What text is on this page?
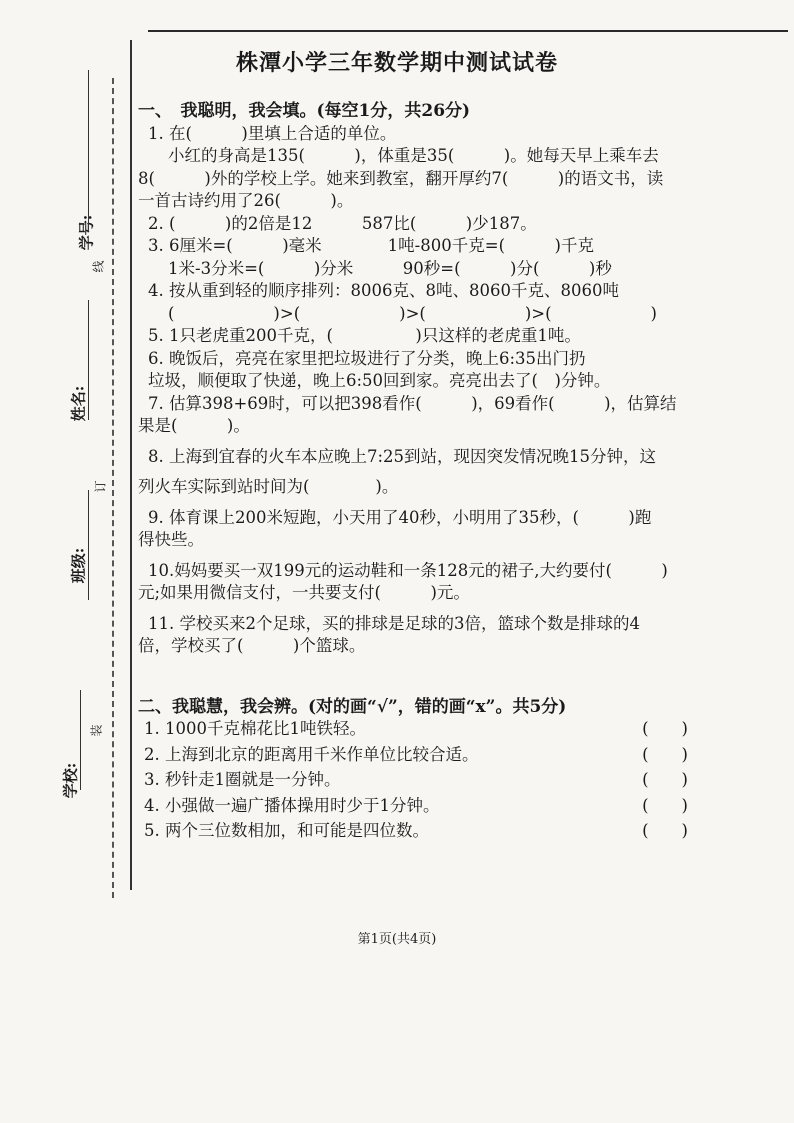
学号:
线
姓名:
订
班级:
装
学校:
株潭小学三年数学期中测试试卷
一、　我聪明，我会填。(每空1分，共26分)
1. 在(　　　)里填上合适的单位。
小红的身高是135(　　　)，体重是35(　　　)。她每天早上乘车去
8(　　　)外的学校上学。她来到教室，翻开厚约7(　　　)的语文书，读
一首古诗约用了26(　　　)。
2. (　　　)的2倍是12　　　587比(　　　)少187。
3. 6厘米=(　　　)毫米　　　　1吨-800千克=(　　　)千克
1米-3分米=(　　　)分米　　　90秒=(　　　)分(　　　)秒
4. 按从重到轻的顺序排列：8006克、8吨、8060千克、8060吨
(　　　　　　)>(　　　　　　)>(　　　　　　)>(　　　　　　)
5. 1只老虎重200千克，(　　　　　)只这样的老虎重1吨。
6. 晚饭后，亮亮在家里把垃圾进行了分类，晚上6:35出门扔
垃圾，顺便取了快递，晚上6:50回到家。亮亮出去了(　)分钟。
7. 估算398+69时，可以把398看作(　　　)，69看作(　　　)，估算结
果是(　　　)。
8. 上海到宜春的火车本应晚上7:25到站，现因突发情况晚15分钟，这
列火车实际到站时间为(　　　　)。
9. 体育课上200米短跑，小天用了40秒，小明用了35秒，(　　　)跑
得快些。
10.妈妈要买一双199元的运动鞋和一条128元的裙子,大约要付(　　　)
元;如果用微信支付，一共要支付(　　　)元。
11. 学校买来2个足球，买的排球是足球的3倍，篮球个数是排球的4
倍，学校买了(　　　)个篮球。
二、我聪慧，我会辨。(对的画“√”，错的画“x”。共5分)
1. 1000千克棉花比1吨铁轻。	(　　)
2. 上海到北京的距离用千米作单位比较合适。	(　　)
3. 秒针走1圈就是一分钟。	(　　)
4. 小强做一遍广播体操用时少于1分钟。	(　　)
5. 两个三位数相加，和可能是四位数。	(　　)
第1页(共4页)
